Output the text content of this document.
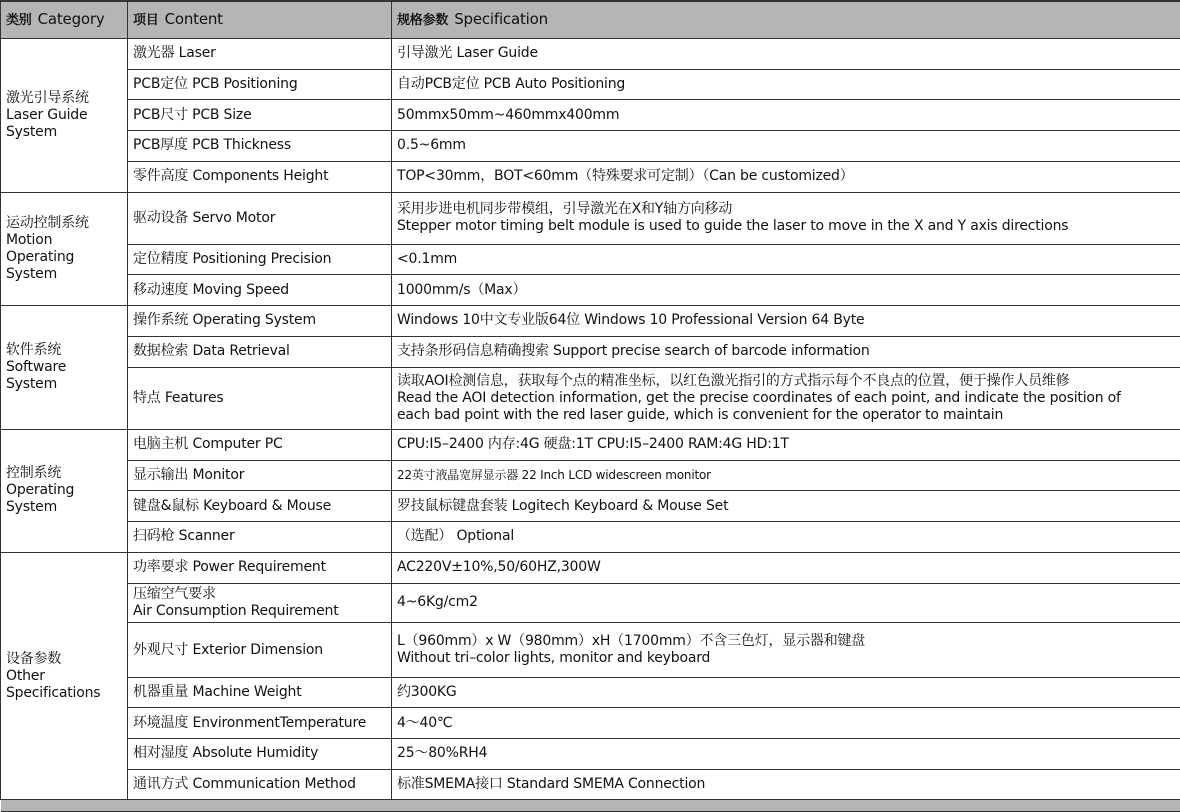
类别 Category	项目 Content	规格参数 Specification

激光引导系统
Laser Guide
System	激光器 Laser	引导激光 Laser Guide

	PCB定位 PCB Positioning	自动PCB定位 PCB Auto Positioning

	PCB尺寸 PCB Size	50mmx50mm~460mmx400mm

	PCB厚度 PCB Thickness	0.5~6mm

	零件高度 Components Height	TOP<30mm，BOT<60mm（特殊要求可定制）（Can be customized）

运动控制系统
Motion
Operating
System	驱动设备 Servo Motor	采用步进电机同步带模组，引导激光在X和Y轴方向移动
Stepper motor timing belt module is used to guide the laser to move in the X and Y axis directions

	定位精度 Positioning Precision	<0.1mm

	移动速度 Moving Speed	1000mm/s（Max）

软件系统
Software
System	操作系统 Operating System	Windows 10中文专业版64位 Windows 10 Professional Version 64 Byte

	数据检索 Data Retrieval	支持条形码信息精确搜索 Support precise search of barcode information

	特点 Features	读取AOI检测信息，获取每个点的精准坐标，以红色激光指引的方式指示每个不良点的位置，便于操作人员维修
Read the AOI detection information, get the precise coordinates of each point, and indicate the position of
each bad point with the red laser guide, which is convenient for the operator to maintain

控制系统
Operating
System	电脑主机 Computer PC	CPU:I5–2400 内存:4G 硬盘:1T CPU:I5–2400 RAM:4G HD:1T

	显示输出 Monitor	22英寸液晶宽屏显示器 22 Inch LCD widescreen monitor

	键盘&鼠标 Keyboard & Mouse	罗技鼠标键盘套装 Logitech Keyboard & Mouse Set

	扫码枪 Scanner	（选配） Optional

设备参数
Other
Specifications	功率要求 Power Requirement	AC220V±10%,50/60HZ,300W

	压缩空气要求
Air Consumption Requirement	4~6Kg/cm2

	外观尺寸 Exterior Dimension	L（960mm）x W（980mm）xH（1700mm）不含三色灯，显示器和键盘
Without tri–color lights, monitor and keyboard

	机器重量 Machine Weight	约300KG

	环境温度 EnvironmentTemperature	4～40℃

	相对湿度 Absolute Humidity	25～80%RH4

	通讯方式 Communication Method	标准SMEMA接口 Standard SMEMA Connection
